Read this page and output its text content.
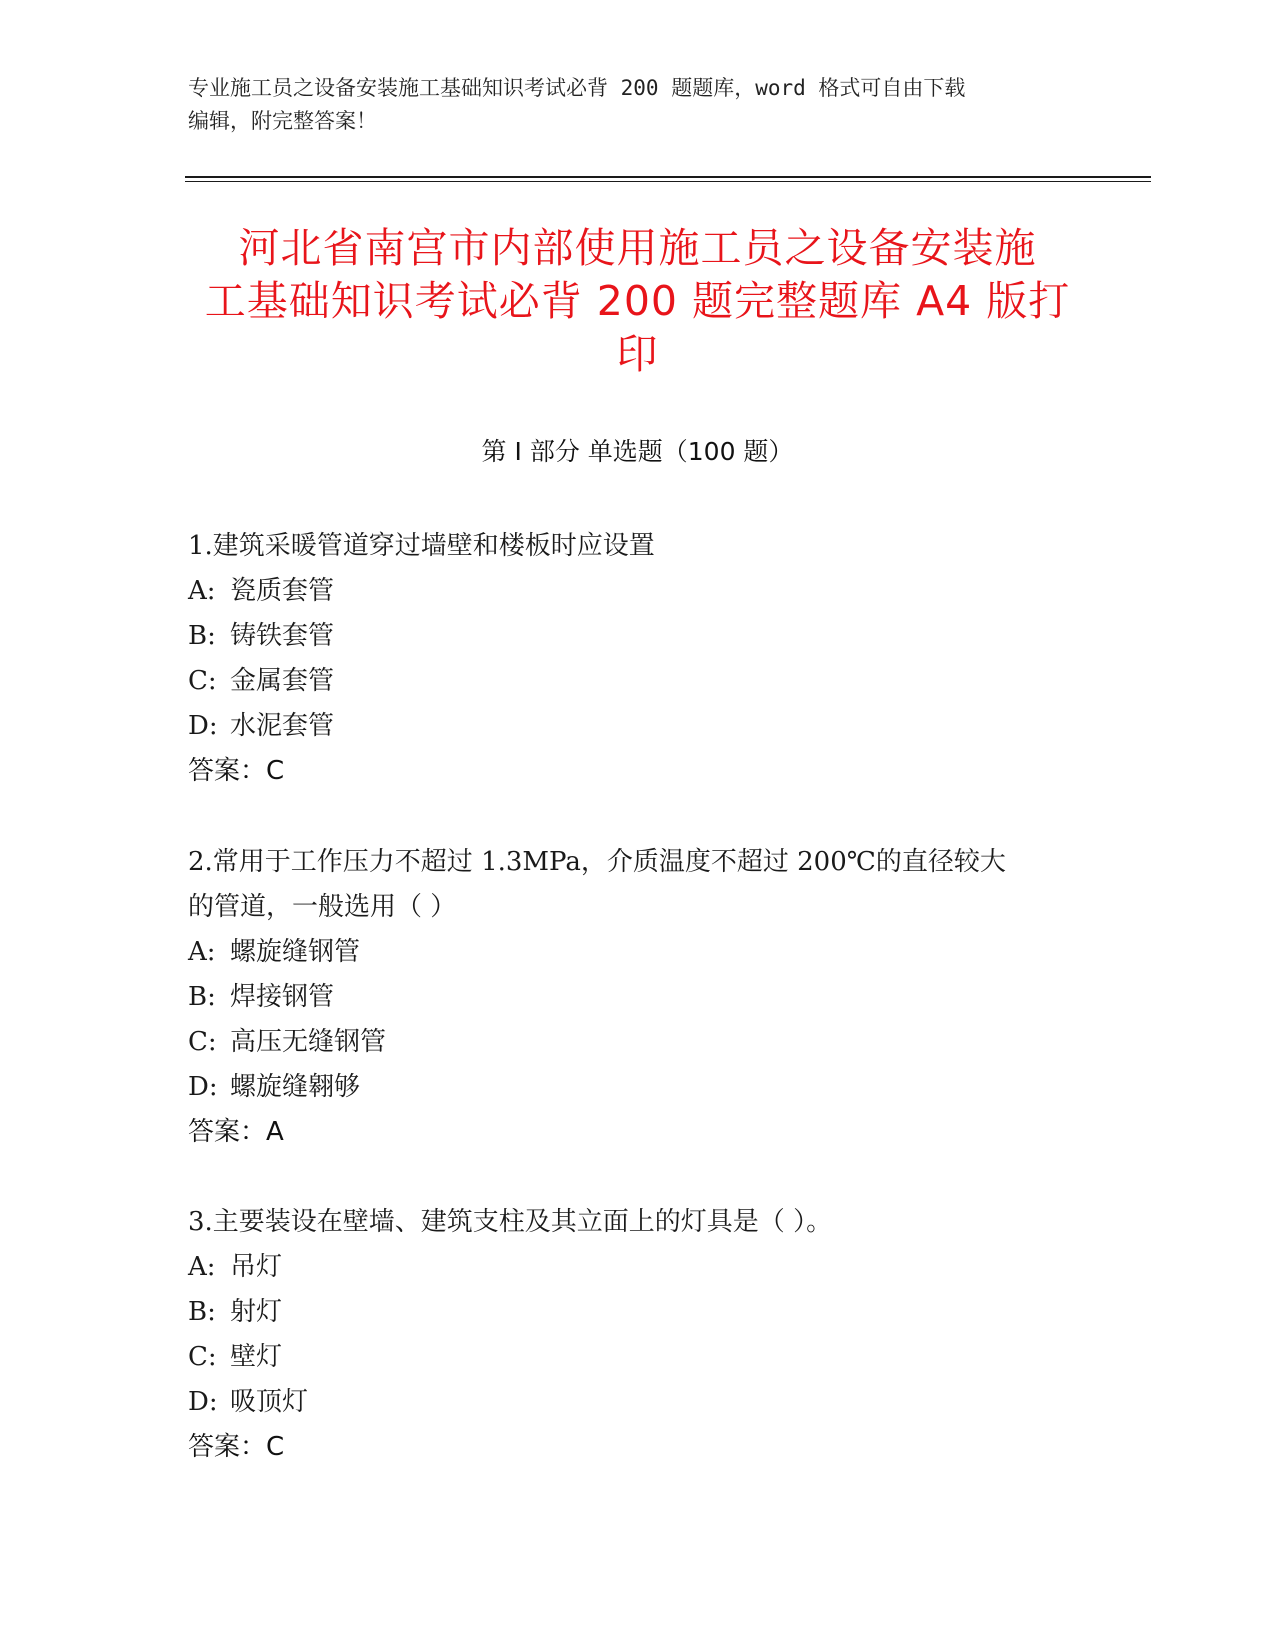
专业施工员之设备安装施工基础知识考试必背 200 题题库，word 格式可自由下载
编辑，附完整答案！
河北省南宫市内部使用施工员之设备安装施
工基础知识考试必背 200 题完整题库 A4 版打
印
第 I 部分 单选题（100 题）
1.建筑采暖管道穿过墙壁和楼板时应设置
A: 瓷质套管
B: 铸铁套管
C: 金属套管
D: 水泥套管
答案：C
2.常用于工作压力不超过 1.3MPa，介质温度不超过 200℃的直径较大
的管道，一般选用（ ）
A: 螺旋缝钢管
B: 焊接钢管
C: 高压无缝钢管
D: 螺旋缝翱够
答案：A
3.主要装设在壁墙、建筑支柱及其立面上的灯具是（ ）。
A: 吊灯
B: 射灯
C: 壁灯
D: 吸顶灯
答案：C
